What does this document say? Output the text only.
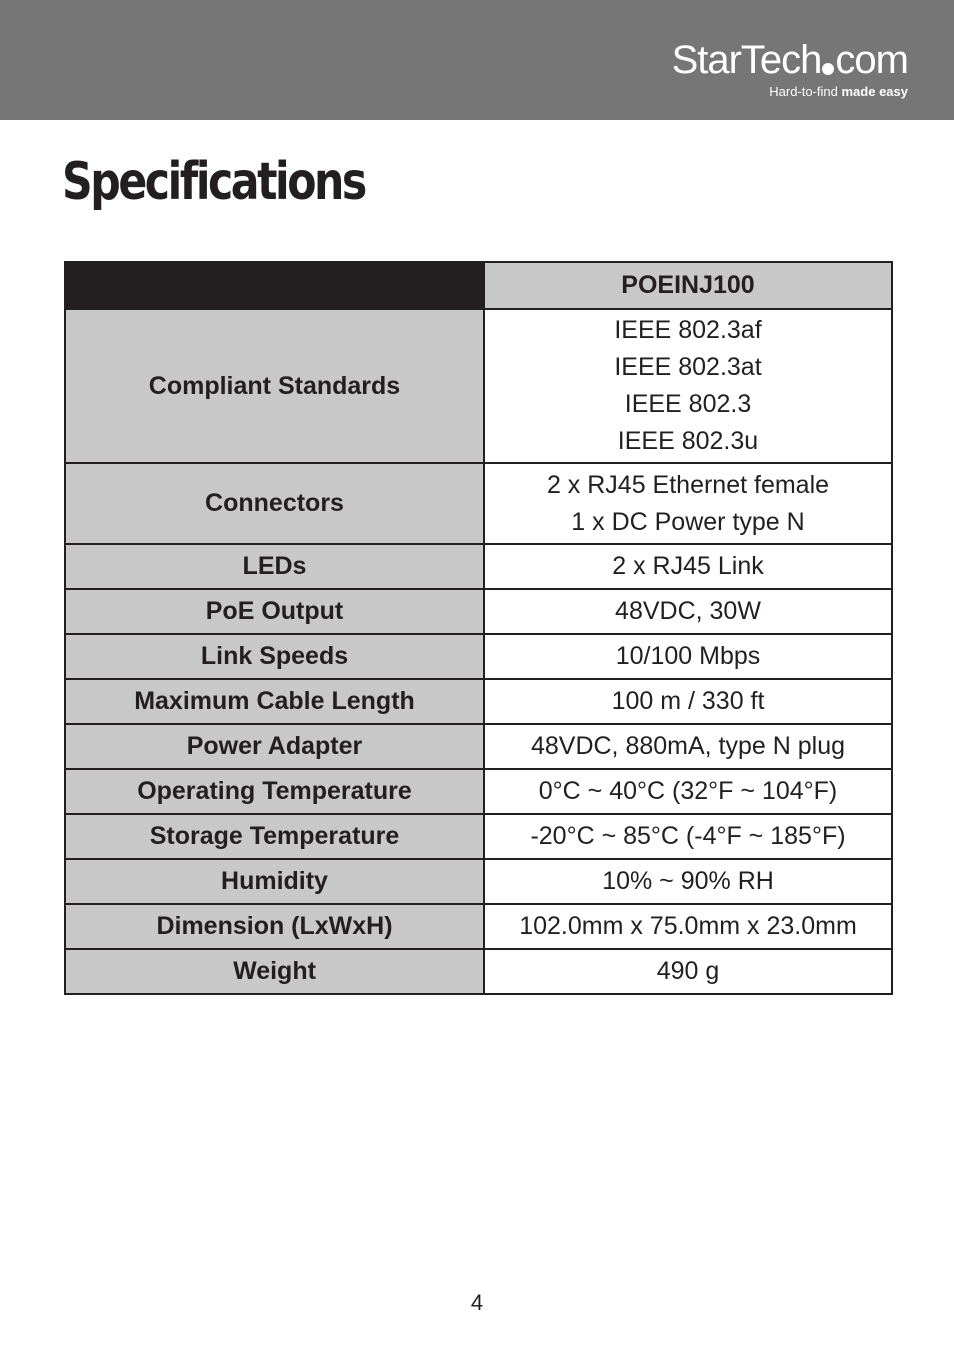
StarTech com
Hard-to-find made easy
Specifications
	POEINJ100
Compliant Standards	IEEE 802.3af
IEEE 802.3at
IEEE 802.3
IEEE 802.3u

Connectors	2 x RJ45 Ethernet female
1 x DC Power type N

LEDs	2 x RJ45 Link
PoE Output	48VDC, 30W
Link Speeds	10/100 Mbps
Maximum Cable Length	100 m / 330 ft
Power Adapter	48VDC, 880mA, type N plug
Operating Temperature	0°C ~ 40°C (32°F ~ 104°F)
Storage Temperature	-20°C ~ 85°C (-4°F ~ 185°F)
Humidity	10% ~ 90% RH
Dimension (LxWxH)	102.0mm x 75.0mm x 23.0mm
Weight	490 g
4
